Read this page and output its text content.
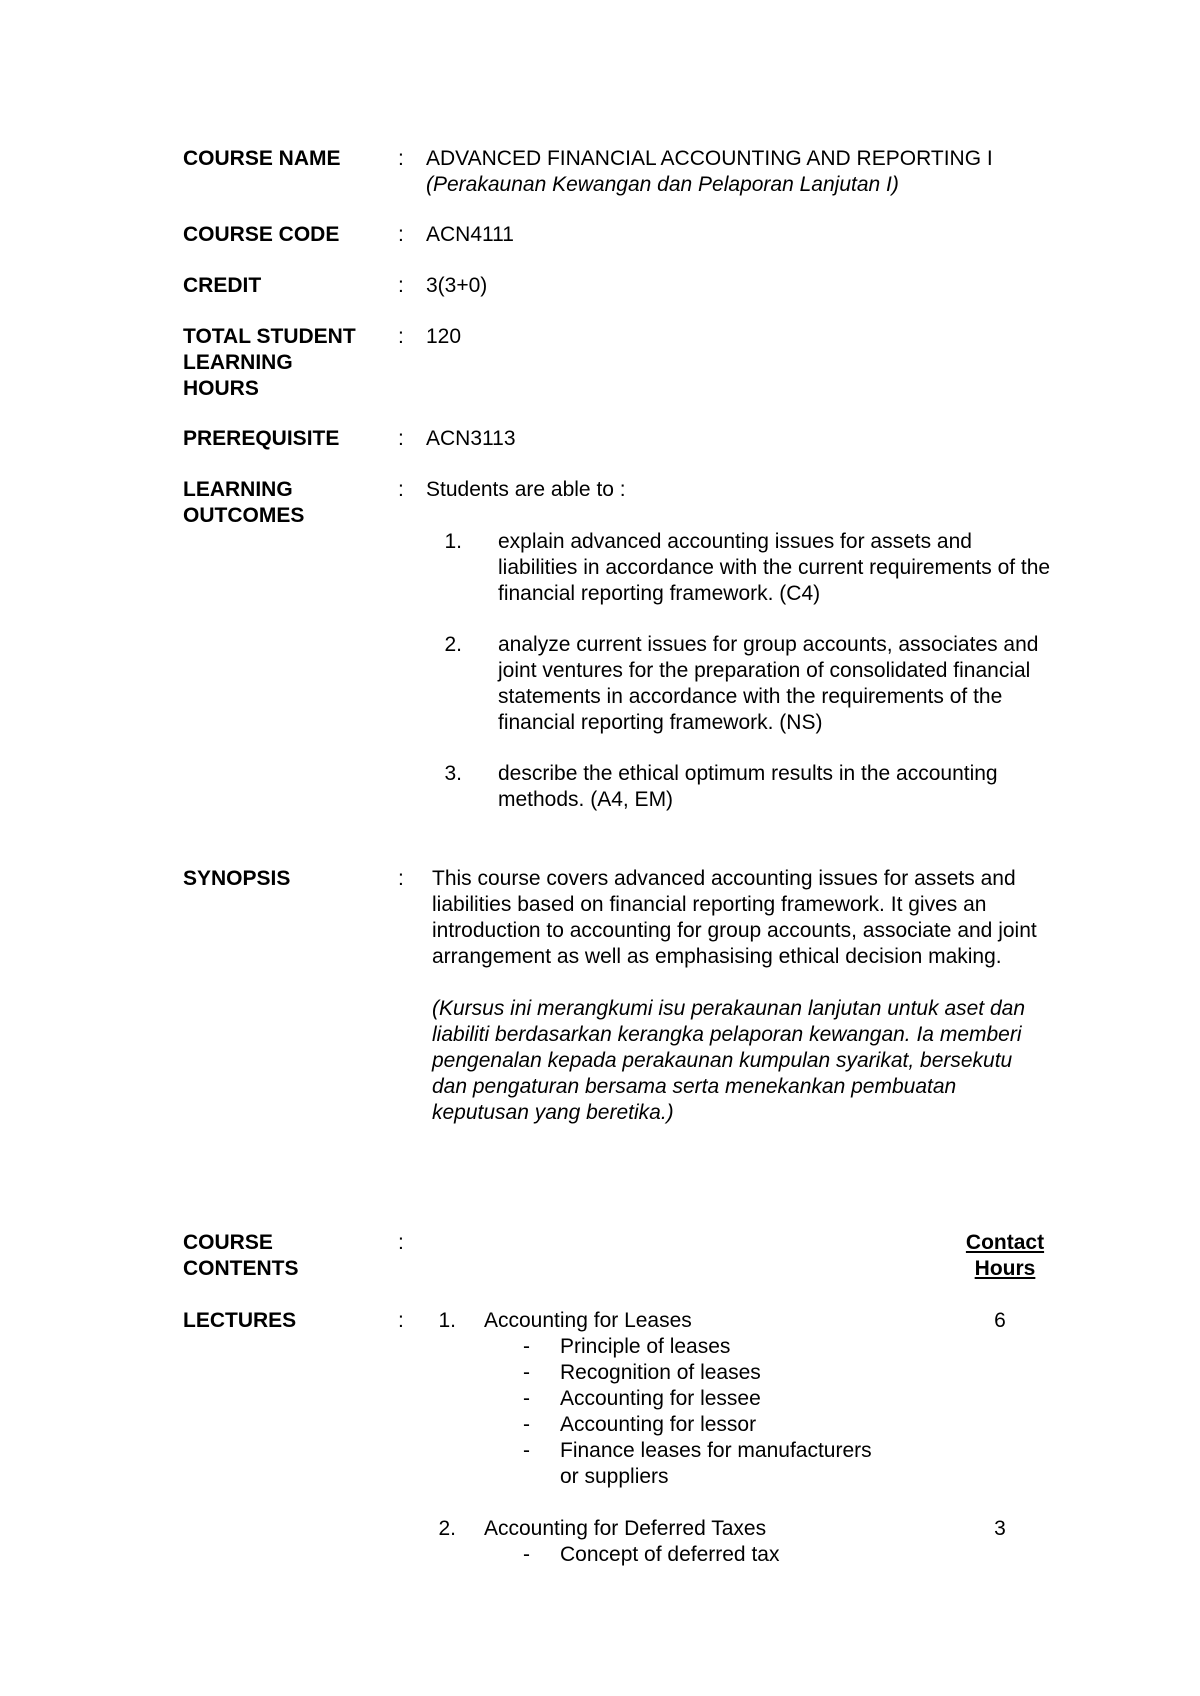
COURSE NAME	:	ADVANCED FINANCIAL ACCOUNTING AND REPORTING I
(Perakaunan Kewangan dan Pelaporan Lanjutan I)
COURSE CODE	:	ACN4111
CREDIT	:	3(3+0)
TOTAL STUDENT
LEARNING
HOURS
:	120
PREREQUISITE	:	ACN3113
LEARNING
OUTCOMES
:	Students are able to :
1. explain advanced accounting issues for assets and
liabilities in accordance with the current requirements of the
financial reporting framework. (C4)
2. analyze current issues for group accounts, associates and
joint ventures for the preparation of consolidated financial
statements in accordance with the requirements of the
financial reporting framework. (NS)
3. describe the ethical optimum results in the accounting
methods. (A4, EM)
SYNOPSIS	:	This course covers advanced accounting issues for assets and
liabilities based on financial reporting framework. It gives an
introduction to accounting for group accounts, associate and joint
arrangement as well as emphasising ethical decision making.
(Kursus ini merangkumi isu perakaunan lanjutan untuk aset dan
liabiliti berdasarkan kerangka pelaporan kewangan. Ia memberi
pengenalan kepada perakaunan kumpulan syarikat, bersekutu
dan pengaturan bersama serta menekankan pembuatan
keputusan yang beretika.)
COURSE
CONTENTS
:	Contact
Hours
LECTURES	:	1. Accounting for Leases	6
- Principle of leases
- Recognition of leases
- Accounting for lessee
- Accounting for lessor
- Finance leases for manufacturers
or suppliers
2. Accounting for Deferred Taxes	3
- Concept of deferred tax
